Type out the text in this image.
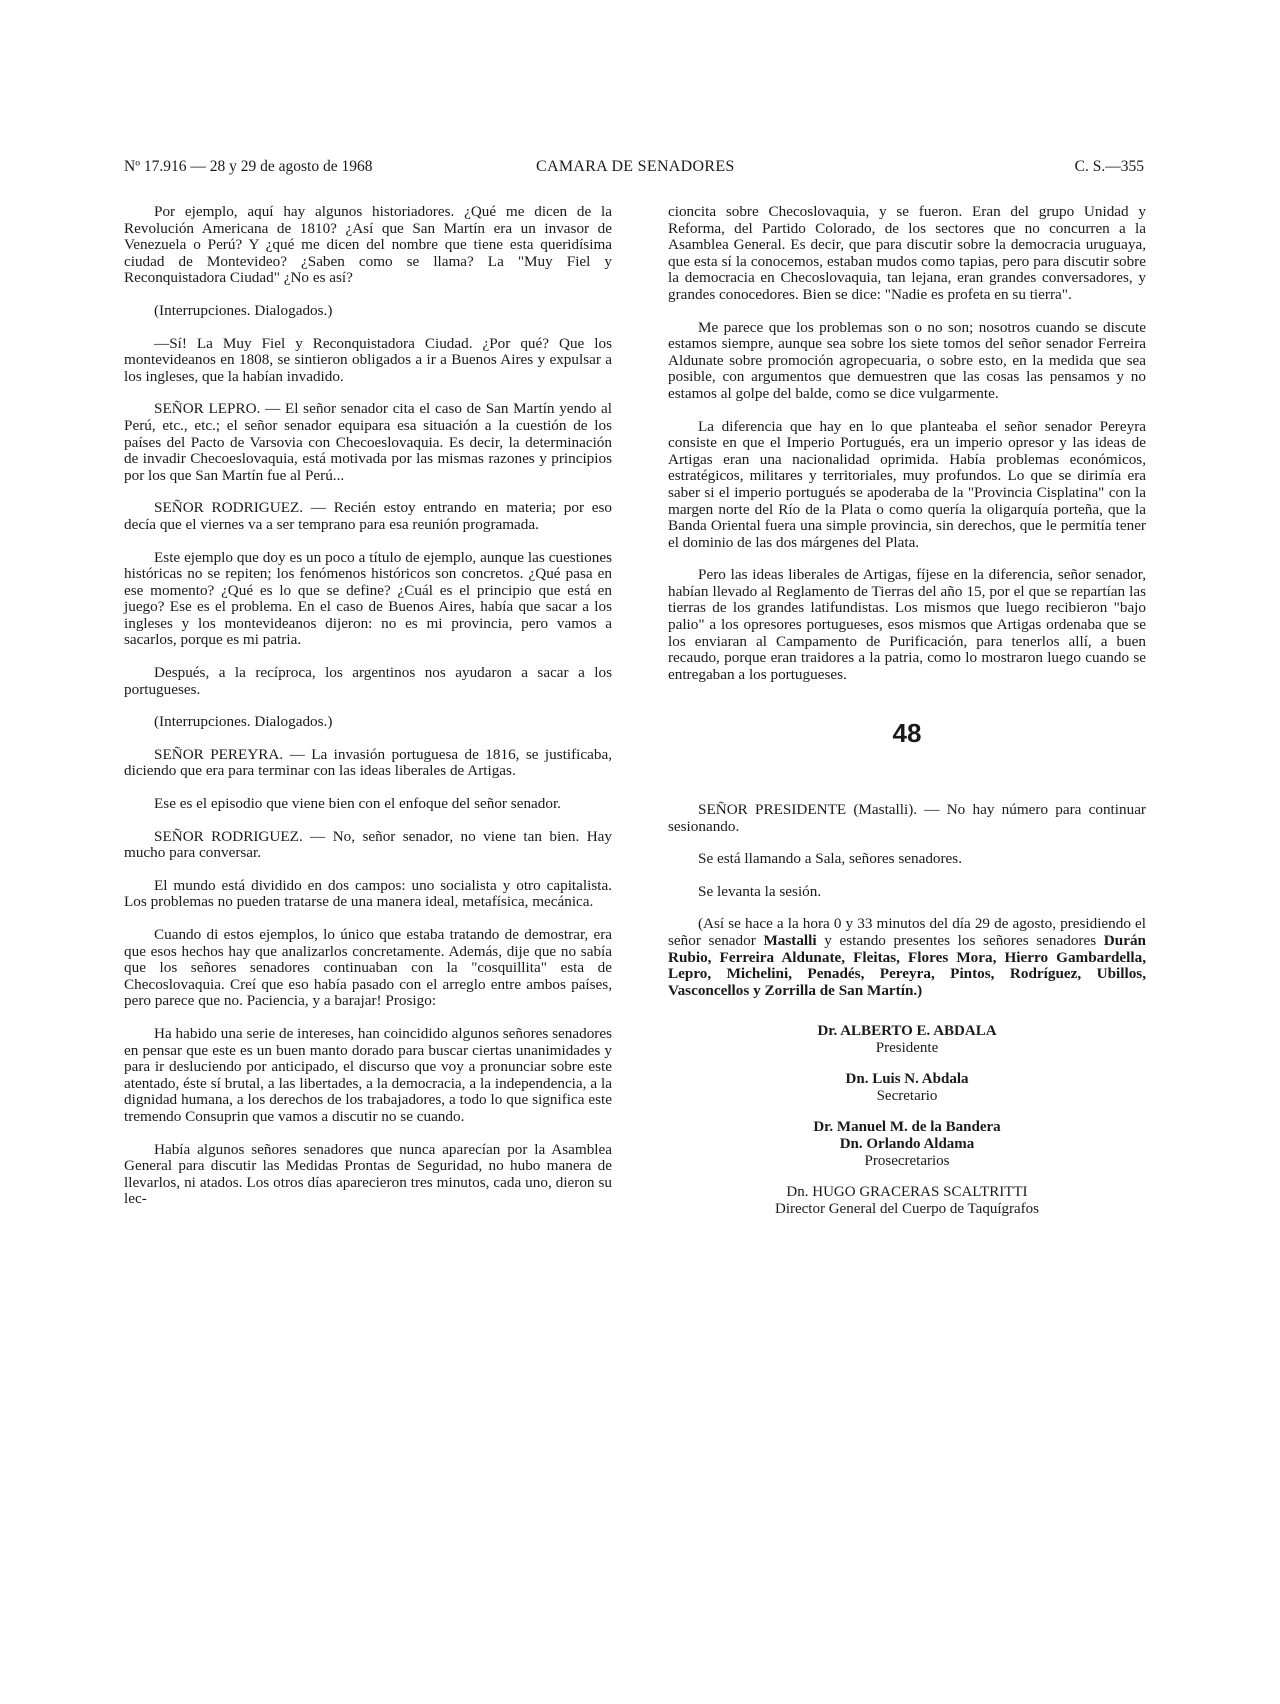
Nº 17.916 — 28 y 29 de agosto de 1968	CAMARA DE SENADORES	C. S.—355

Por ejemplo, aquí hay algunos historiadores. ¿Qué me dicen de la Revolución Americana de 1810? ¿Así que San Martín era un invasor de Venezuela o Perú? Y ¿qué me dicen del nombre que tiene esta queridísima ciudad de Montevideo? ¿Saben como se llama? La "Muy Fiel y Reconquistadora Ciudad" ¿No es así?

(Interrupciones. Dialogados.)

—Sí! La Muy Fiel y Reconquistadora Ciudad. ¿Por qué? Que los montevideanos en 1808, se sintieron obligados a ir a Buenos Aires y expulsar a los ingleses, que la habían invadido.

SEÑOR LEPRO. — El señor senador cita el caso de San Martín yendo al Perú, etc., etc.; el señor senador equipara esa situación a la cuestión de los países del Pacto de Varsovia con Checoeslovaquia. Es decir, la determinación de invadir Checoeslovaquia, está motivada por las mismas razones y principios por los que San Martín fue al Perú...

SEÑOR RODRIGUEZ. — Recién estoy entrando en materia; por eso decía que el viernes va a ser temprano para esa reunión programada.

Este ejemplo que doy es un poco a título de ejemplo, aunque las cuestiones históricas no se repiten; los fenómenos históricos son concretos. ¿Qué pasa en ese momento? ¿Qué es lo que se define? ¿Cuál es el principio que está en juego? Ese es el problema. En el caso de Buenos Aires, había que sacar a los ingleses y los montevideanos dijeron: no es mi provincia, pero vamos a sacarlos, porque es mi patria.

Después, a la recíproca, los argentinos nos ayudaron a sacar a los portugueses.

(Interrupciones. Dialogados.)

SEÑOR PEREYRA. — La invasión portuguesa de 1816, se justificaba, diciendo que era para terminar con las ideas liberales de Artigas.

Ese es el episodio que viene bien con el enfoque del señor senador.

SEÑOR RODRIGUEZ. — No, señor senador, no viene tan bien. Hay mucho para conversar.

El mundo está dividido en dos campos: uno socialista y otro capitalista. Los problemas no pueden tratarse de una manera ideal, metafísica, mecánica.

Cuando di estos ejemplos, lo único que estaba tratando de demostrar, era que esos hechos hay que analizarlos concretamente. Además, dije que no sabía que los señores senadores continuaban con la "cosquillita" esta de Checoslovaquia. Creí que eso había pasado con el arreglo entre ambos países, pero parece que no. Paciencia, y a barajar! Prosigo:

Ha habido una serie de intereses, han coincidido algunos señores senadores en pensar que este es un buen manto dorado para buscar ciertas unanimidades y para ir desluciendo por anticipado, el discurso que voy a pronunciar sobre este atentado, éste sí brutal, a las libertades, a la democracia, a la independencia, a la dignidad humana, a los derechos de los trabajadores, a todo lo que significa este tremendo Consuprin que vamos a discutir no se cuando.

Había algunos señores senadores que nunca aparecían por la Asamblea General para discutir las Medidas Prontas de Seguridad, no hubo manera de llevarlos, ni atados. Los otros días aparecieron tres minutos, cada uno, dieron su lec-

cioncita sobre Checoslovaquia, y se fueron. Eran del grupo Unidad y Reforma, del Partido Colorado, de los sectores que no concurren a la Asamblea General. Es decir, que para discutir sobre la democracia uruguaya, que esta sí la conocemos, estaban mudos como tapias, pero para discutir sobre la democracia en Checoslovaquia, tan lejana, eran grandes conversadores, y grandes conocedores. Bien se dice: "Nadie es profeta en su tierra".

Me parece que los problemas son o no son; nosotros cuando se discute estamos siempre, aunque sea sobre los siete tomos del señor senador Ferreira Aldunate sobre promoción agropecuaria, o sobre esto, en la medida que sea posible, con argumentos que demuestren que las cosas las pensamos y no estamos al golpe del balde, como se dice vulgarmente.

La diferencia que hay en lo que planteaba el señor senador Pereyra consiste en que el Imperio Portugués, era un imperio opresor y las ideas de Artigas eran una nacionalidad oprimida. Había problemas económicos, estratégicos, militares y territoriales, muy profundos. Lo que se dirimía era saber si el imperio portugués se apoderaba de la "Provincia Cisplatina" con la margen norte del Río de la Plata o como quería la oligarquía porteña, que la Banda Oriental fuera una simple provincia, sin derechos, que le permitía tener el dominio de las dos márgenes del Plata.

Pero las ideas liberales de Artigas, fíjese en la diferencia, señor senador, habían llevado al Reglamento de Tierras del año 15, por el que se repartían las tierras de los grandes latifundistas. Los mismos que luego recibieron "bajo palio" a los opresores portugueses, esos mismos que Artigas ordenaba que se los enviaran al Campamento de Purificación, para tenerlos allí, a buen recaudo, porque eran traidores a la patria, como lo mostraron luego cuando se entregaban a los portugueses.

48

SEÑOR PRESIDENTE (Mastalli). — No hay número para continuar sesionando.

Se está llamando a Sala, señores senadores.

Se levanta la sesión.

(Así se hace a la hora 0 y 33 minutos del día 29 de agosto, presidiendo el señor senador Mastalli y estando presentes los señores senadores Durán Rubio, Ferreira Aldunate, Fleitas, Flores Mora, Hierro Gambardella, Lepro, Michelini, Penadés, Pereyra, Pintos, Rodríguez, Ubillos, Vasconcellos y Zorrilla de San Martín.)

Dr. ALBERTO E. ABDALA
Presidente
Dn. Luis N. Abdala
Secretario
Dr. Manuel M. de la Bandera
Dn. Orlando Aldama
Prosecretarios
Dn. HUGO GRACERAS SCALTRITTI
Director General del Cuerpo de Taquígrafos
